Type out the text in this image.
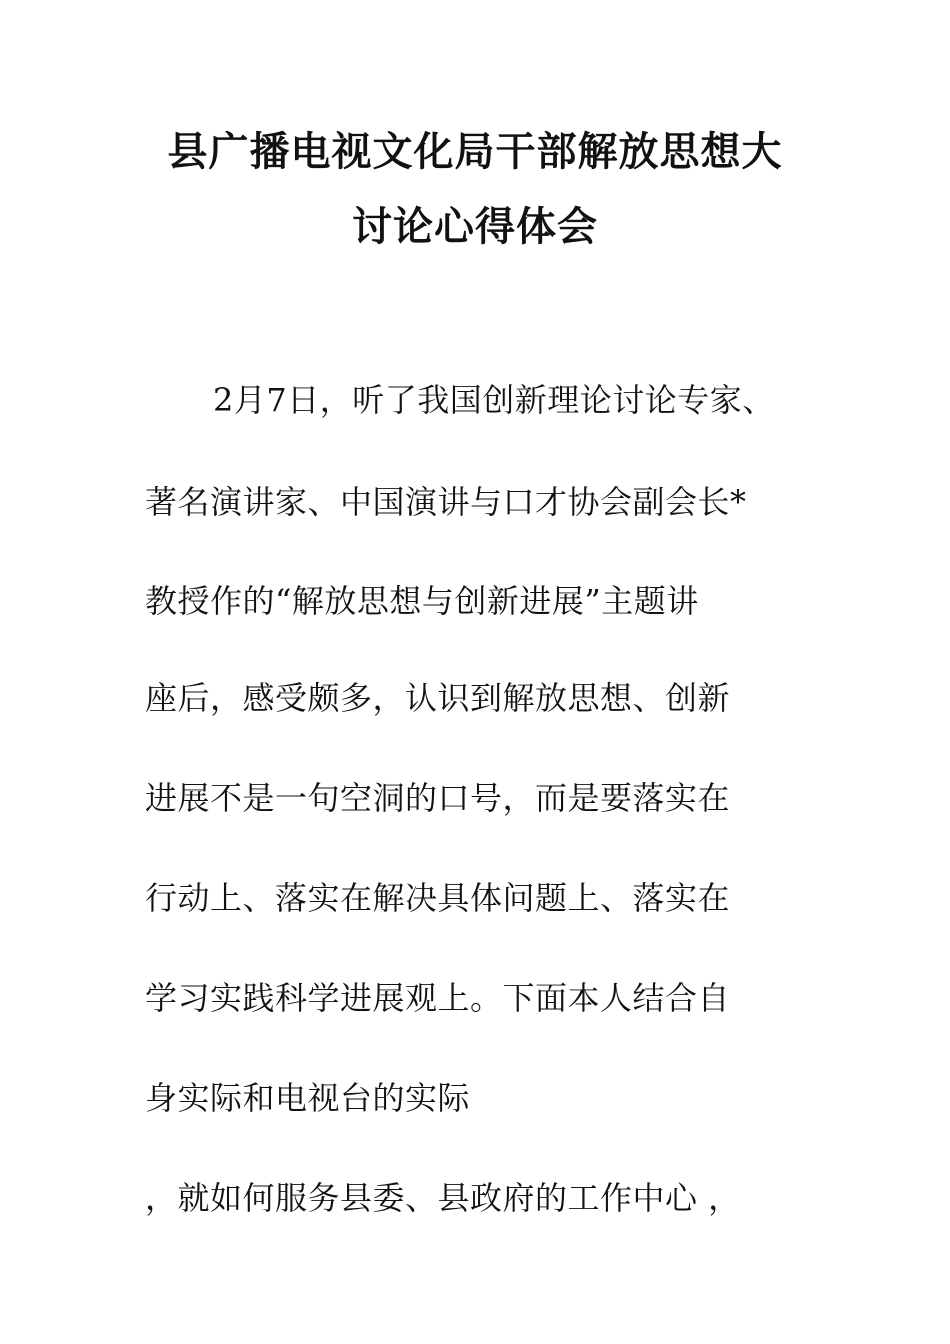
县广播电视文化局干部解放思想大
讨论心得体会
2月7日，听了我国创新理论讨论专家、
著名演讲家、中国演讲与口才协会副会长*
教授作的“解放思想与创新进展”主题讲
座后，感受颇多，认识到解放思想、创新
进展不是一句空洞的口号，而是要落实在
行动上、落实在解决具体问题上、落实在
学习实践科学进展观上。下面本人结合自
身实际和电视台的实际
，就如何服务县委、县政府的工作中心 ，
